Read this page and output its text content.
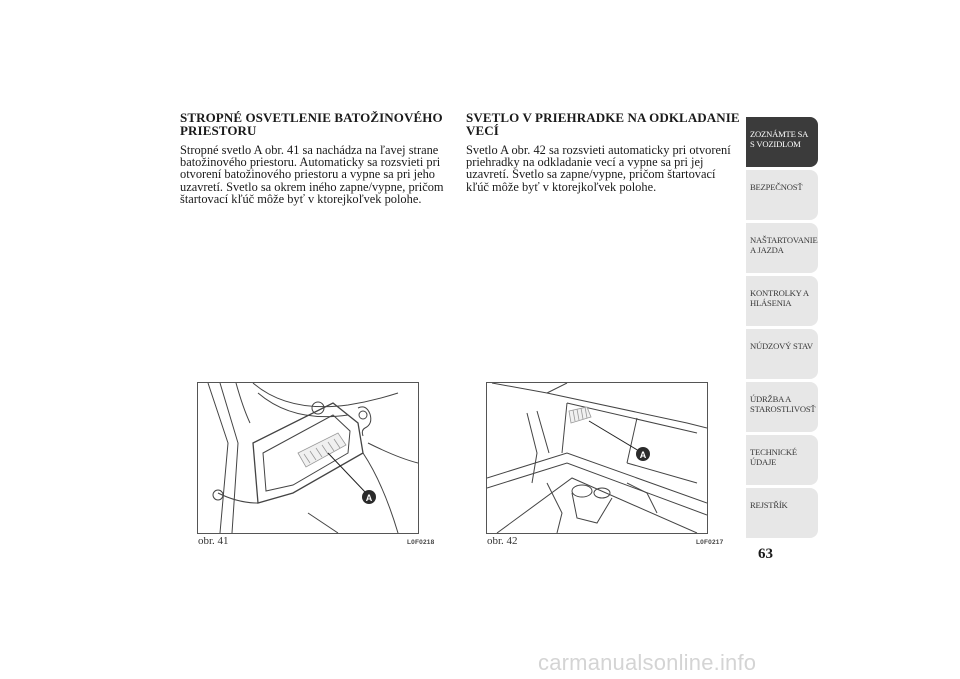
STROPNÉ OSVETLENIE BATOŽINOVÉHO PRIESTORU

Stropné svetlo A obr. 41 sa nachádza na ľavej strane batožinového priestoru. Automaticky sa rozsvieti pri otvorení batožinového priestoru a vypne sa pri jeho uzavretí. Svetlo sa okrem iného zapne/vypne, pričom štartovací kľúč môže byť v ktorejkoľvek polohe.

SVETLO V PRIEHRADKE NA ODKLADANIE VECÍ

Svetlo A obr. 42 sa rozsvieti automaticky pri otvorení priehradky na odkladanie vecí a vypne sa pri jej uzavretí. Svetlo sa zapne/vypne, pričom štartovací kľúč môže byť v ktorejkoľvek polohe.

A
obr. 41	L0F0218
A
obr. 42	L0F0217
ZOZNÁMTE SA S VOZIDLOM
BEZPEČNOSŤ
NAŠTARTOVANIE A JAZDA
KONTROLKY A HLÁSENIA
NÚDZOVÝ STAV
ÚDRŽBA A STAROSTLIVOSŤ
TECHNICKÉ ÚDAJE
REJSTŘÍK
63
carmanualsonline.info
